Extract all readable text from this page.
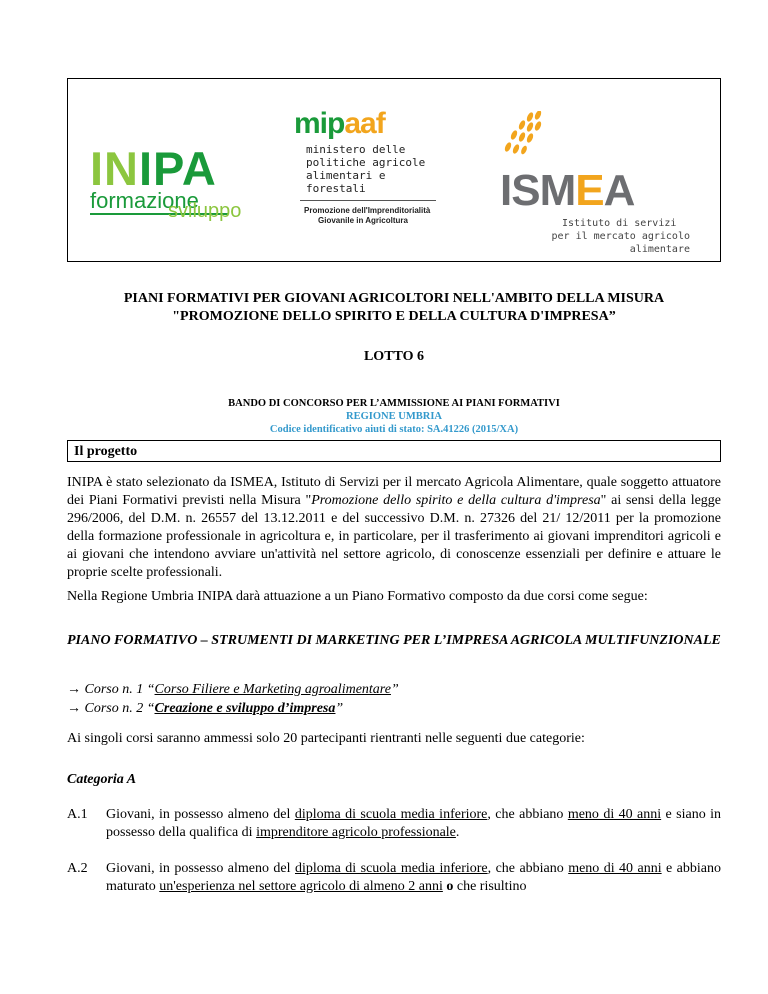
INIPA
formazione
sviluppo
mipaaf
ministero delle
politiche agricole
alimentari e forestali
Promozione dell'Imprenditorialità
Giovanile in Agricoltura
ISMEA
Istituto di servizi
per il mercato agricolo alimentare
PIANI FORMATIVI PER GIOVANI AGRICOLTORI NELL'AMBITO DELLA MISURA
"PROMOZIONE DELLO SPIRITO E DELLA CULTURA D'IMPRESA”
LOTTO 6
BANDO DI CONCORSO PER L’AMMISSIONE AI PIANI FORMATIVI
REGIONE UMBRIA
Codice identificativo aiuti di stato: SA.41226 (2015/XA)
Il progetto
INIPA è stato selezionato da ISMEA, Istituto di Servizi per il mercato Agricola Alimentare, quale soggetto attuatore dei Piani Formativi previsti nella Misura "Promozione dello spirito e della cultura d'impresa" ai sensi della legge 296/2006, del D.M. n. 26557 del 13.12.2011 e del successivo D.M. n. 27326 del 21/ 12/2011 per la promozione della formazione professionale in agricoltura e, in particolare, per il trasferimento ai giovani imprenditori agricoli e ai giovani che intendono avviare un'attività nel settore agricolo, di conoscenze essenziali per definire e attuare le proprie scelte professionali.
Nella Regione Umbria INIPA darà attuazione a un Piano Formativo composto da due corsi come segue:
PIANO FORMATIVO – STRUMENTI DI MARKETING PER L’IMPRESA AGRICOLA MULTIFUNZIONALE
→ Corso n. 1 “Corso Filiere e Marketing agroalimentare”
→ Corso n. 2 “Creazione e sviluppo d’impresa”
Ai singoli corsi saranno ammessi solo 20 partecipanti rientranti nelle seguenti due categorie:
Categoria A
A.1 Giovani, in possesso almeno del diploma di scuola media inferiore, che abbiano meno di 40 anni e siano in possesso della qualifica di imprenditore agricolo professionale.
A.2 Giovani, in possesso almeno del diploma di scuola media inferiore, che abbiano meno di 40 anni e abbiano maturato un'esperienza nel settore agricolo di almeno 2 anni o che risultino
